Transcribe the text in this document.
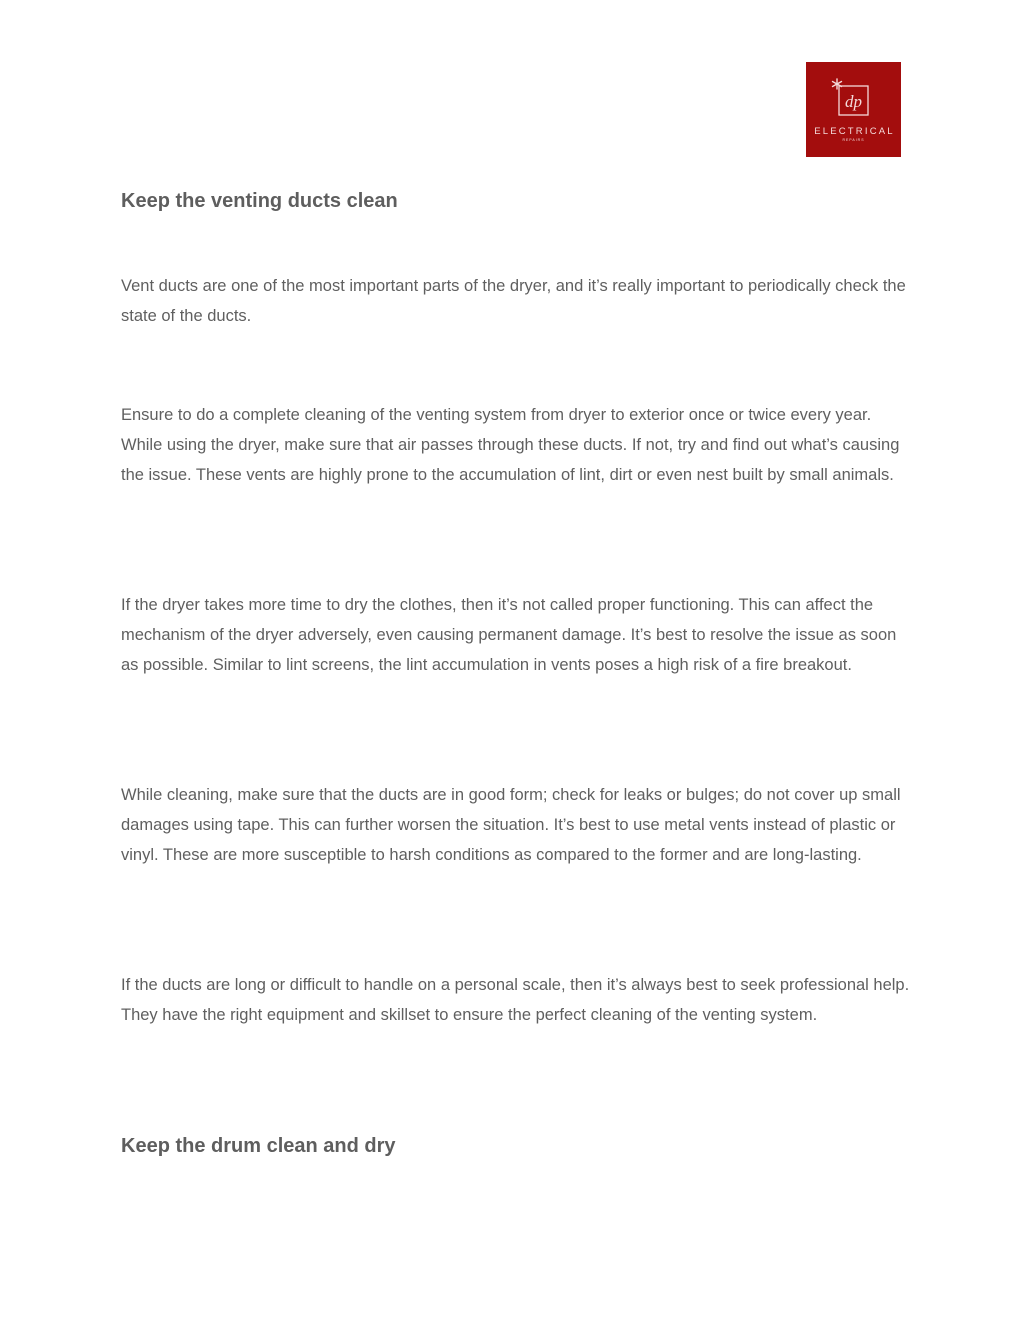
dp
ELECTRICAL
REPAIRS
Keep the venting ducts clean

Vent ducts are one of the most important parts of the dryer, and it’s really important to periodically check the state of the ducts.

Ensure to do a complete cleaning of the venting system from dryer to exterior once or twice every year. While using the dryer, make sure that air passes through these ducts. If not, try and find out what’s causing the issue. These vents are highly prone to the accumulation of lint, dirt or even nest built by small animals.

If the dryer takes more time to dry the clothes, then it’s not called proper functioning. This can affect the mechanism of the dryer adversely, even causing permanent damage. It’s best to resolve the issue as soon as possible. Similar to lint screens, the lint accumulation in vents poses a high risk of a fire breakout.

While cleaning, make sure that the ducts are in good form; check for leaks or bulges; do not cover up small damages using tape. This can further worsen the situation. It’s best to use metal vents instead of plastic or vinyl. These are more susceptible to harsh conditions as compared to the former and are long-lasting.

If the ducts are long or difficult to handle on a personal scale, then it’s always best to seek professional help. They have the right equipment and skillset to ensure the perfect cleaning of the venting system.

Keep the drum clean and dry
